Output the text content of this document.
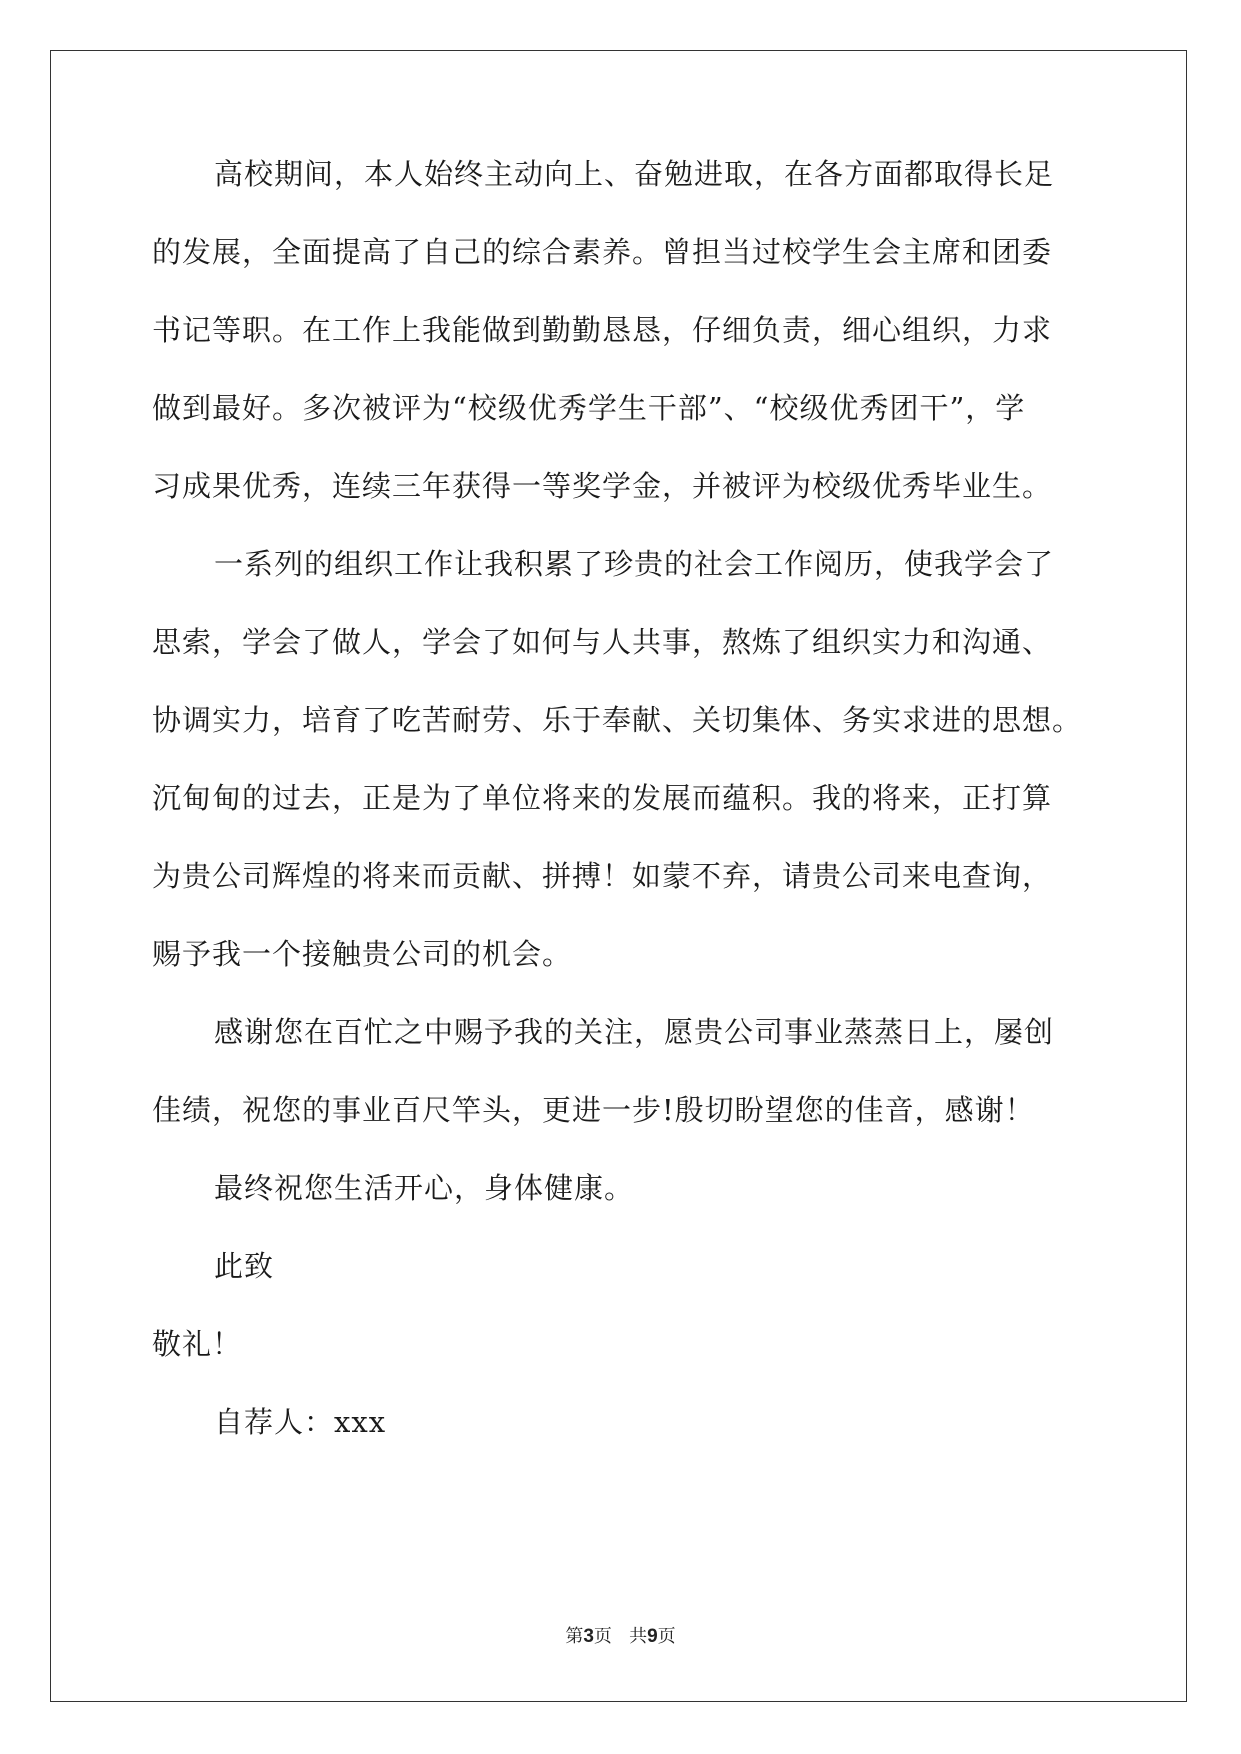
高校期间，本人始终主动向上、奋勉进取，在各方面都取得长足
的发展，全面提高了自己的综合素养。曾担当过校学生会主席和团委
书记等职。在工作上我能做到勤勤恳恳，仔细负责，细心组织，力求
做到最好。多次被评为“校级优秀学生干部”、“校级优秀团干”，学
习成果优秀，连续三年获得一等奖学金，并被评为校级优秀毕业生。
一系列的组织工作让我积累了珍贵的社会工作阅历，使我学会了
思索，学会了做人，学会了如何与人共事，熬炼了组织实力和沟通、
协调实力，培育了吃苦耐劳、乐于奉献、关切集体、务实求进的思想。
沉甸甸的过去，正是为了单位将来的发展而蕴积。我的将来，正打算
为贵公司辉煌的将来而贡献、拼搏！如蒙不弃，请贵公司来电查询，
赐予我一个接触贵公司的机会。
感谢您在百忙之中赐予我的关注，愿贵公司事业蒸蒸日上，屡创
佳绩，祝您的事业百尺竿头，更进一步!殷切盼望您的佳音，感谢！
最终祝您生活开心，身体健康。
此致
敬礼！
自荐人：xxx
第3页 共9页
